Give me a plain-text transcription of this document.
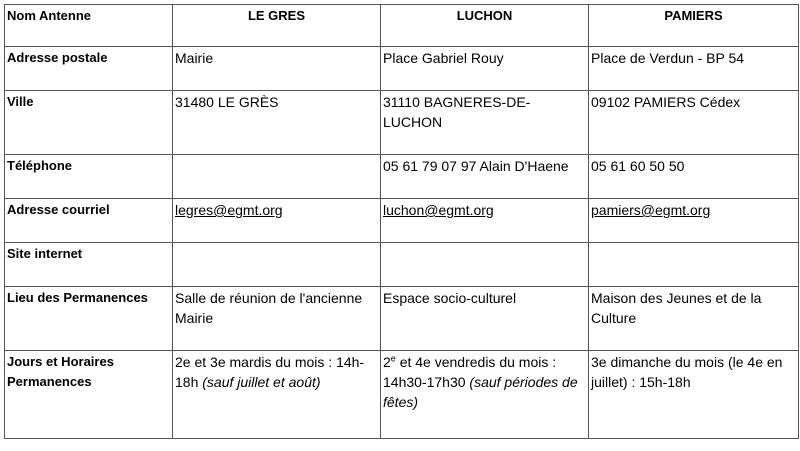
Nom Antenne	LE GRES	LUCHON	PAMIERS
Adresse postale	Mairie	Place Gabriel Rouy	Place de Verdun - BP 54
Ville	31480 LE GRÈS	31110 BAGNERES-DE-LUCHON	09102 PAMIERS Cédex
Téléphone		05 61 79 07 97 Alain D'Haene	05 61 60 50 50
Adresse courriel	legres@egmt.org	luchon@egmt.org	pamiers@egmt.org
Site internet			
Lieu des Permanences	Salle de réunion de l'ancienne Mairie	Espace socio-culturel	Maison des Jeunes et de la Culture
Jours et Horaires Permanences	2e et 3e mardis du mois : 14h-18h (sauf juillet et août)	2e et 4e vendredis du mois : 14h30-17h30 (sauf périodes de fêtes)	3e dimanche du mois (le 4e en juillet) : 15h-18h
